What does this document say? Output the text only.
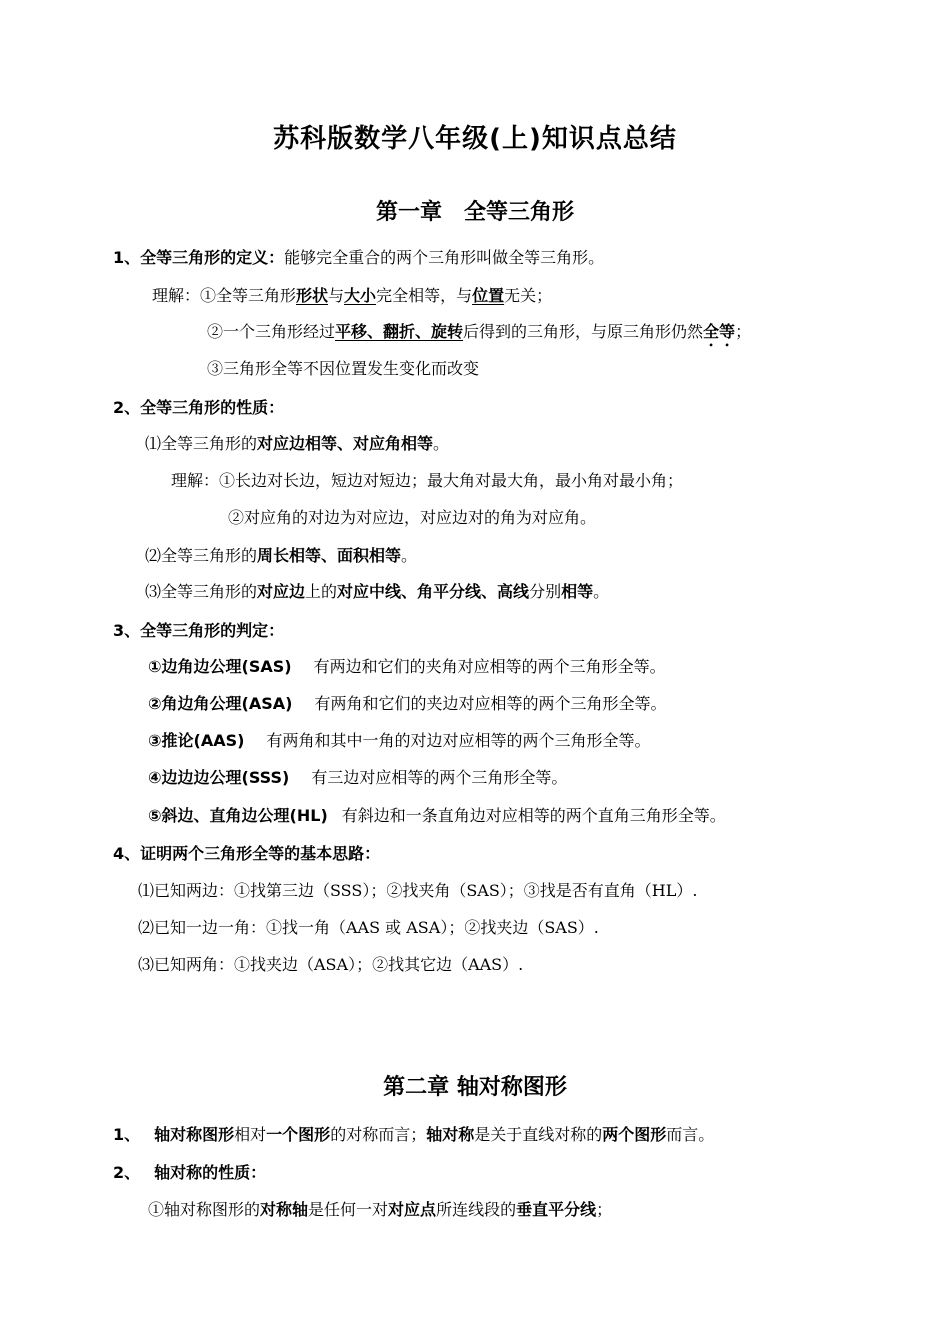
苏科版数学八年级(上)知识点总结
第一章　全等三角形
1、全等三角形的定义：能够完全重合的两个三角形叫做全等三角形。
理解：①全等三角形形状与大小完全相等，与位置无关；
②一个三角形经过平移、翻折、旋转后得到的三角形，与原三角形仍然全等；
③三角形全等不因位置发生变化而改变
2、全等三角形的性质：
⑴全等三角形的对应边相等、对应角相等。
理解：①长边对长边，短边对短边；最大角对最大角，最小角对最小角；
②对应角的对边为对应边，对应边对的角为对应角。
⑵全等三角形的周长相等、面积相等。
⑶全等三角形的对应边上的对应中线、角平分线、高线分别相等。
3、全等三角形的判定：
①边角边公理(SAS) 有两边和它们的夹角对应相等的两个三角形全等。
②角边角公理(ASA) 有两角和它们的夹边对应相等的两个三角形全等。
③推论(AAS) 有两角和其中一角的对边对应相等的两个三角形全等。
④边边边公理(SSS) 有三边对应相等的两个三角形全等。
⑤斜边、直角边公理(HL) 有斜边和一条直角边对应相等的两个直角三角形全等。
4、证明两个三角形全等的基本思路：
⑴已知两边：①找第三边（SSS）；②找夹角（SAS）；③找是否有直角（HL）.
⑵已知一边一角：①找一角（AAS 或 ASA）；②找夹边（SAS）.
⑶已知两角：①找夹边（ASA）；②找其它边（AAS）.
第二章 轴对称图形
1、 轴对称图形相对一个图形的对称而言；轴对称是关于直线对称的两个图形而言。
2、 轴对称的性质：
①轴对称图形的对称轴是任何一对对应点所连线段的垂直平分线；
